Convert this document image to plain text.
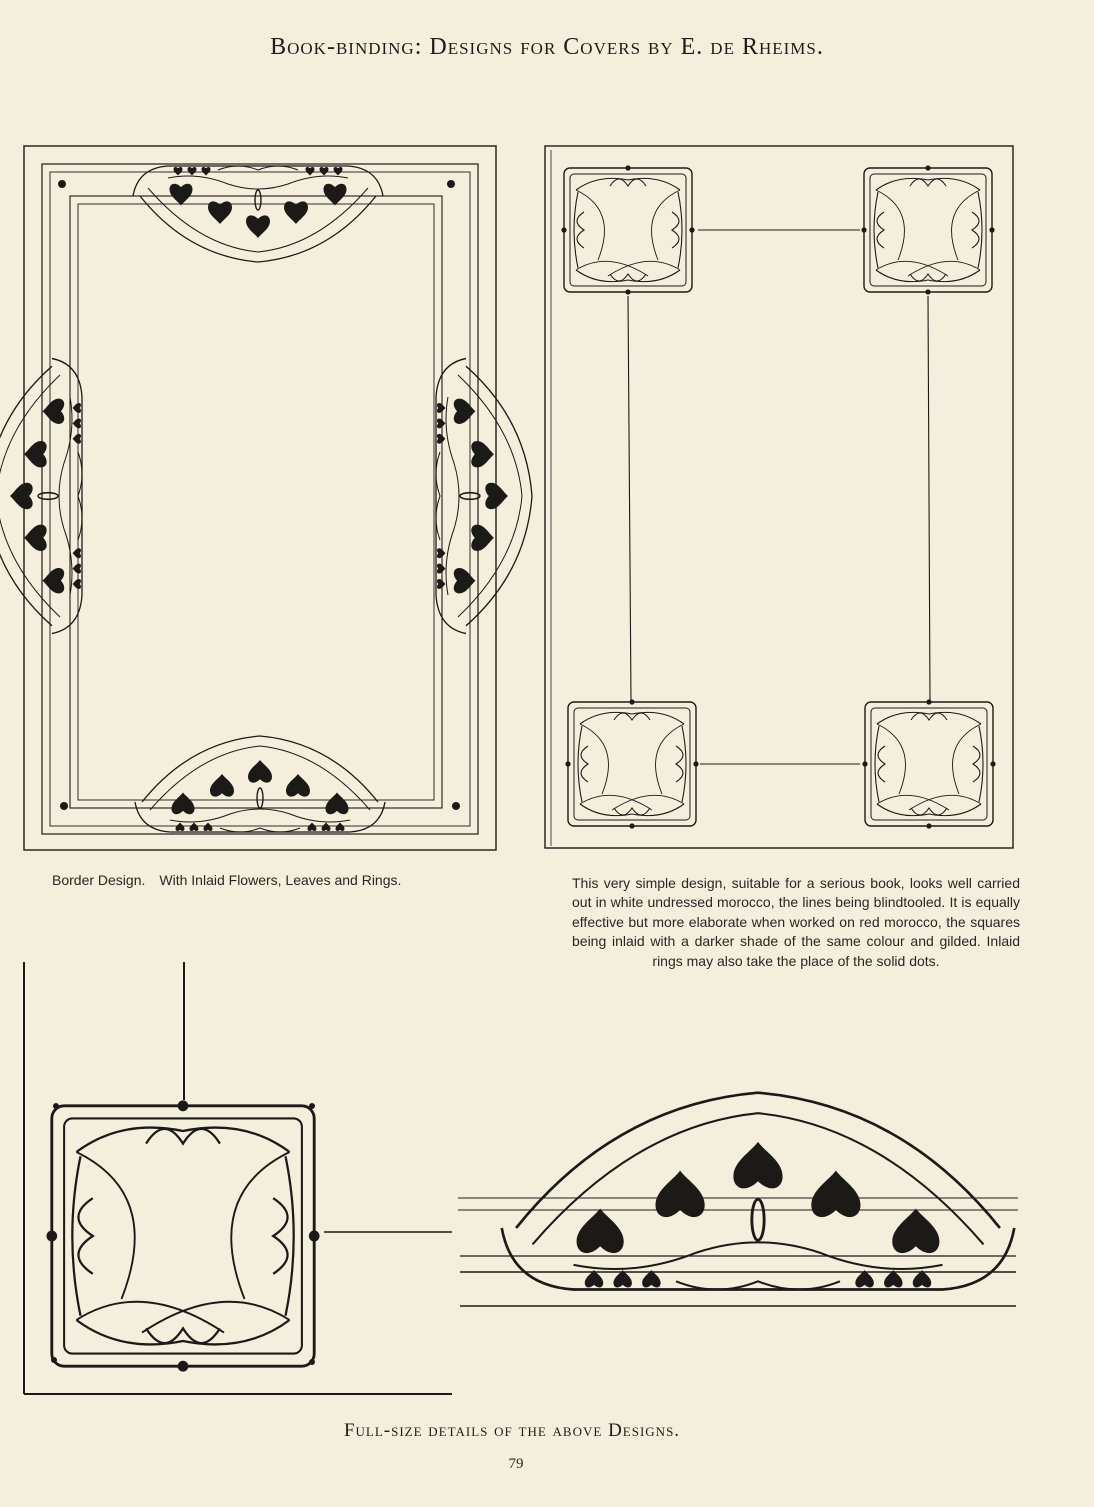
Book-binding: Designs for Covers by E. de Rheims.
Border Design. With Inlaid Flowers, Leaves and Rings.	This very simple design, suitable for a serious book, looks well carried out in white undressed morocco, the lines being blindtooled. It is equally effective but more elaborate when worked on red morocco, the squares being inlaid with a darker shade of the same colour and gilded. Inlaid rings may also take the place of the solid dots.
Full-size details of the above Designs.
79
